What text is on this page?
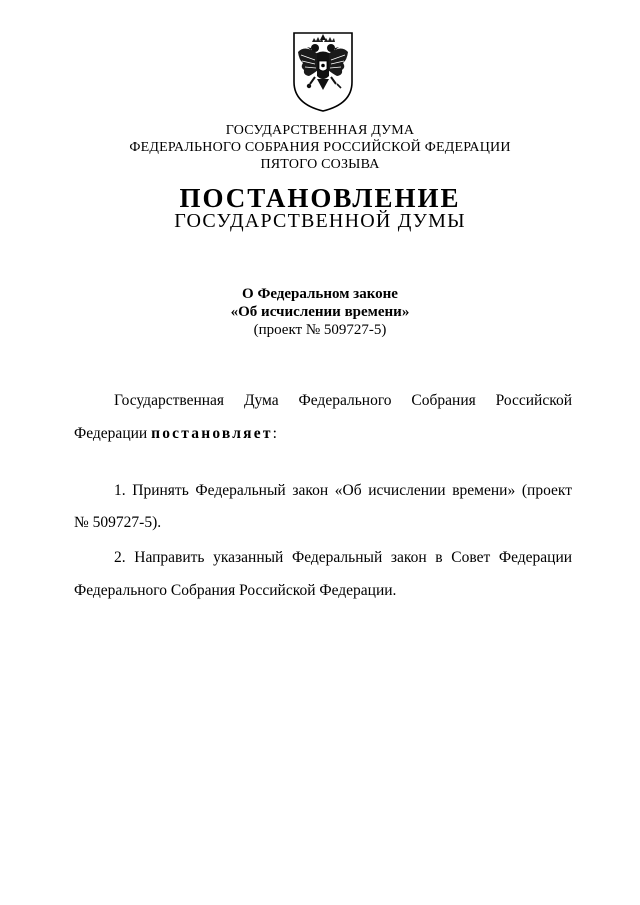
ГОСУДАРСТВЕННАЯ ДУМА
ФЕДЕРАЛЬНОГО СОБРАНИЯ РОССИЙСКОЙ ФЕДЕРАЦИИ
ПЯТОГО СОЗЫВА
ПОСТАНОВЛЕНИЕ
ГОСУДАРСТВЕННОЙ ДУМЫ
О Федеральном законе
«Об исчислении времени»
(проект № 509727-5)
Государственная Дума Федерального Собрания Российской
Федерации постановляет:
1. Принять Федеральный закон «Об исчислении времени» (проект
№ 509727-5).
2. Направить указанный Федеральный закон в Совет Федерации
Федерального Собрания Российской Федерации.
